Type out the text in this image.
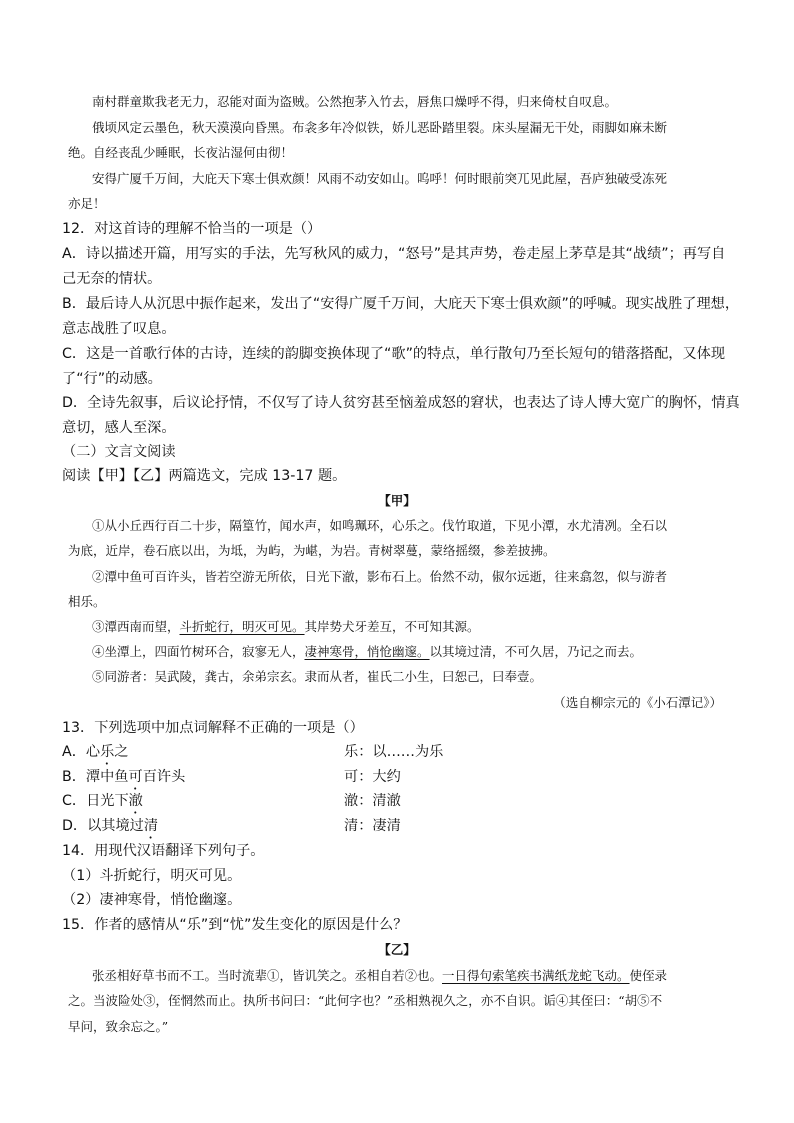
南村群童欺我老无力，忍能对面为盗贼。公然抱茅入竹去，唇焦口燥呼不得，归来倚杖自叹息。
俄顷风定云墨色，秋天漠漠向昏黑。布衾多年冷似铁，娇儿恶卧踏里裂。床头屋漏无干处，雨脚如麻未断
绝。自经丧乱少睡眠，长夜沾湿何由彻！
安得广厦千万间，大庇天下寒士俱欢颜！风雨不动安如山。呜呼！何时眼前突兀见此屋，吾庐独破受冻死
亦足！
12．对这首诗的理解不恰当的一项是（）
A．诗以描述开篇，用写实的手法，先写秋风的威力，“怒号”是其声势，卷走屋上茅草是其“战绩”；再写自
己无奈的情状。
B．最后诗人从沉思中振作起来，发出了“安得广厦千万间，大庇天下寒士俱欢颜”的呼喊。现实战胜了理想，
意志战胜了叹息。
C．这是一首歌行体的古诗，连续的韵脚变换体现了“歌”的特点，单行散句乃至长短句的错落搭配，又体现
了“行”的动感。
D．全诗先叙事，后议论抒情，不仅写了诗人贫穷甚至恼羞成怒的窘状，也表达了诗人博大宽广的胸怀，情真
意切，感人至深。
（二）文言文阅读
阅读【甲】【乙】两篇选文，完成 13-17 题。
【甲】
①从小丘西行百二十步，隔篁竹，闻水声，如鸣珮环，心乐之。伐竹取道，下见小潭，水尤清冽。全石以
为底，近岸，卷石底以出，为坻，为屿，为嵁，为岩。青树翠蔓，蒙络摇缀，参差披拂。
②潭中鱼可百许头，皆若空游无所依，日光下澈，影布石上。佁然不动，俶尔远逝，往来翕忽，似与游者
相乐。
③潭西南而望，斗折蛇行，明灭可见。其岸势犬牙差互，不可知其源。
④坐潭上，四面竹树环合，寂寥无人，凄神寒骨，悄怆幽邃。以其境过清，不可久居，乃记之而去。
⑤同游者：吴武陵，龚古，余弟宗玄。隶而从者，崔氏二小生，曰恕己，曰奉壹。
（选自柳宗元的《小石潭记》）
13．下列选项中加点词解释不正确的一项是（）
A．心乐之	乐：以……为乐
B．潭中鱼可百许头	可：大约
C．日光下澈	澈：清澈
D．以其境过清	清：凄清
14．用现代汉语翻译下列句子。
（1）斗折蛇行，明灭可见。
（2）凄神寒骨，悄怆幽邃。
15．作者的感情从“乐”到“忧”发生变化的原因是什么？
【乙】
张丞相好草书而不工。当时流辈①，皆讥笑之。丞相自若②也。一日得句索笔疾书满纸龙蛇飞动。使侄录
之。当波险处③，侄惘然而止。执所书问曰：“此何字也？”丞相熟视久之，亦不自识。诟④其侄曰：“胡⑤不
早问，致余忘之。”
